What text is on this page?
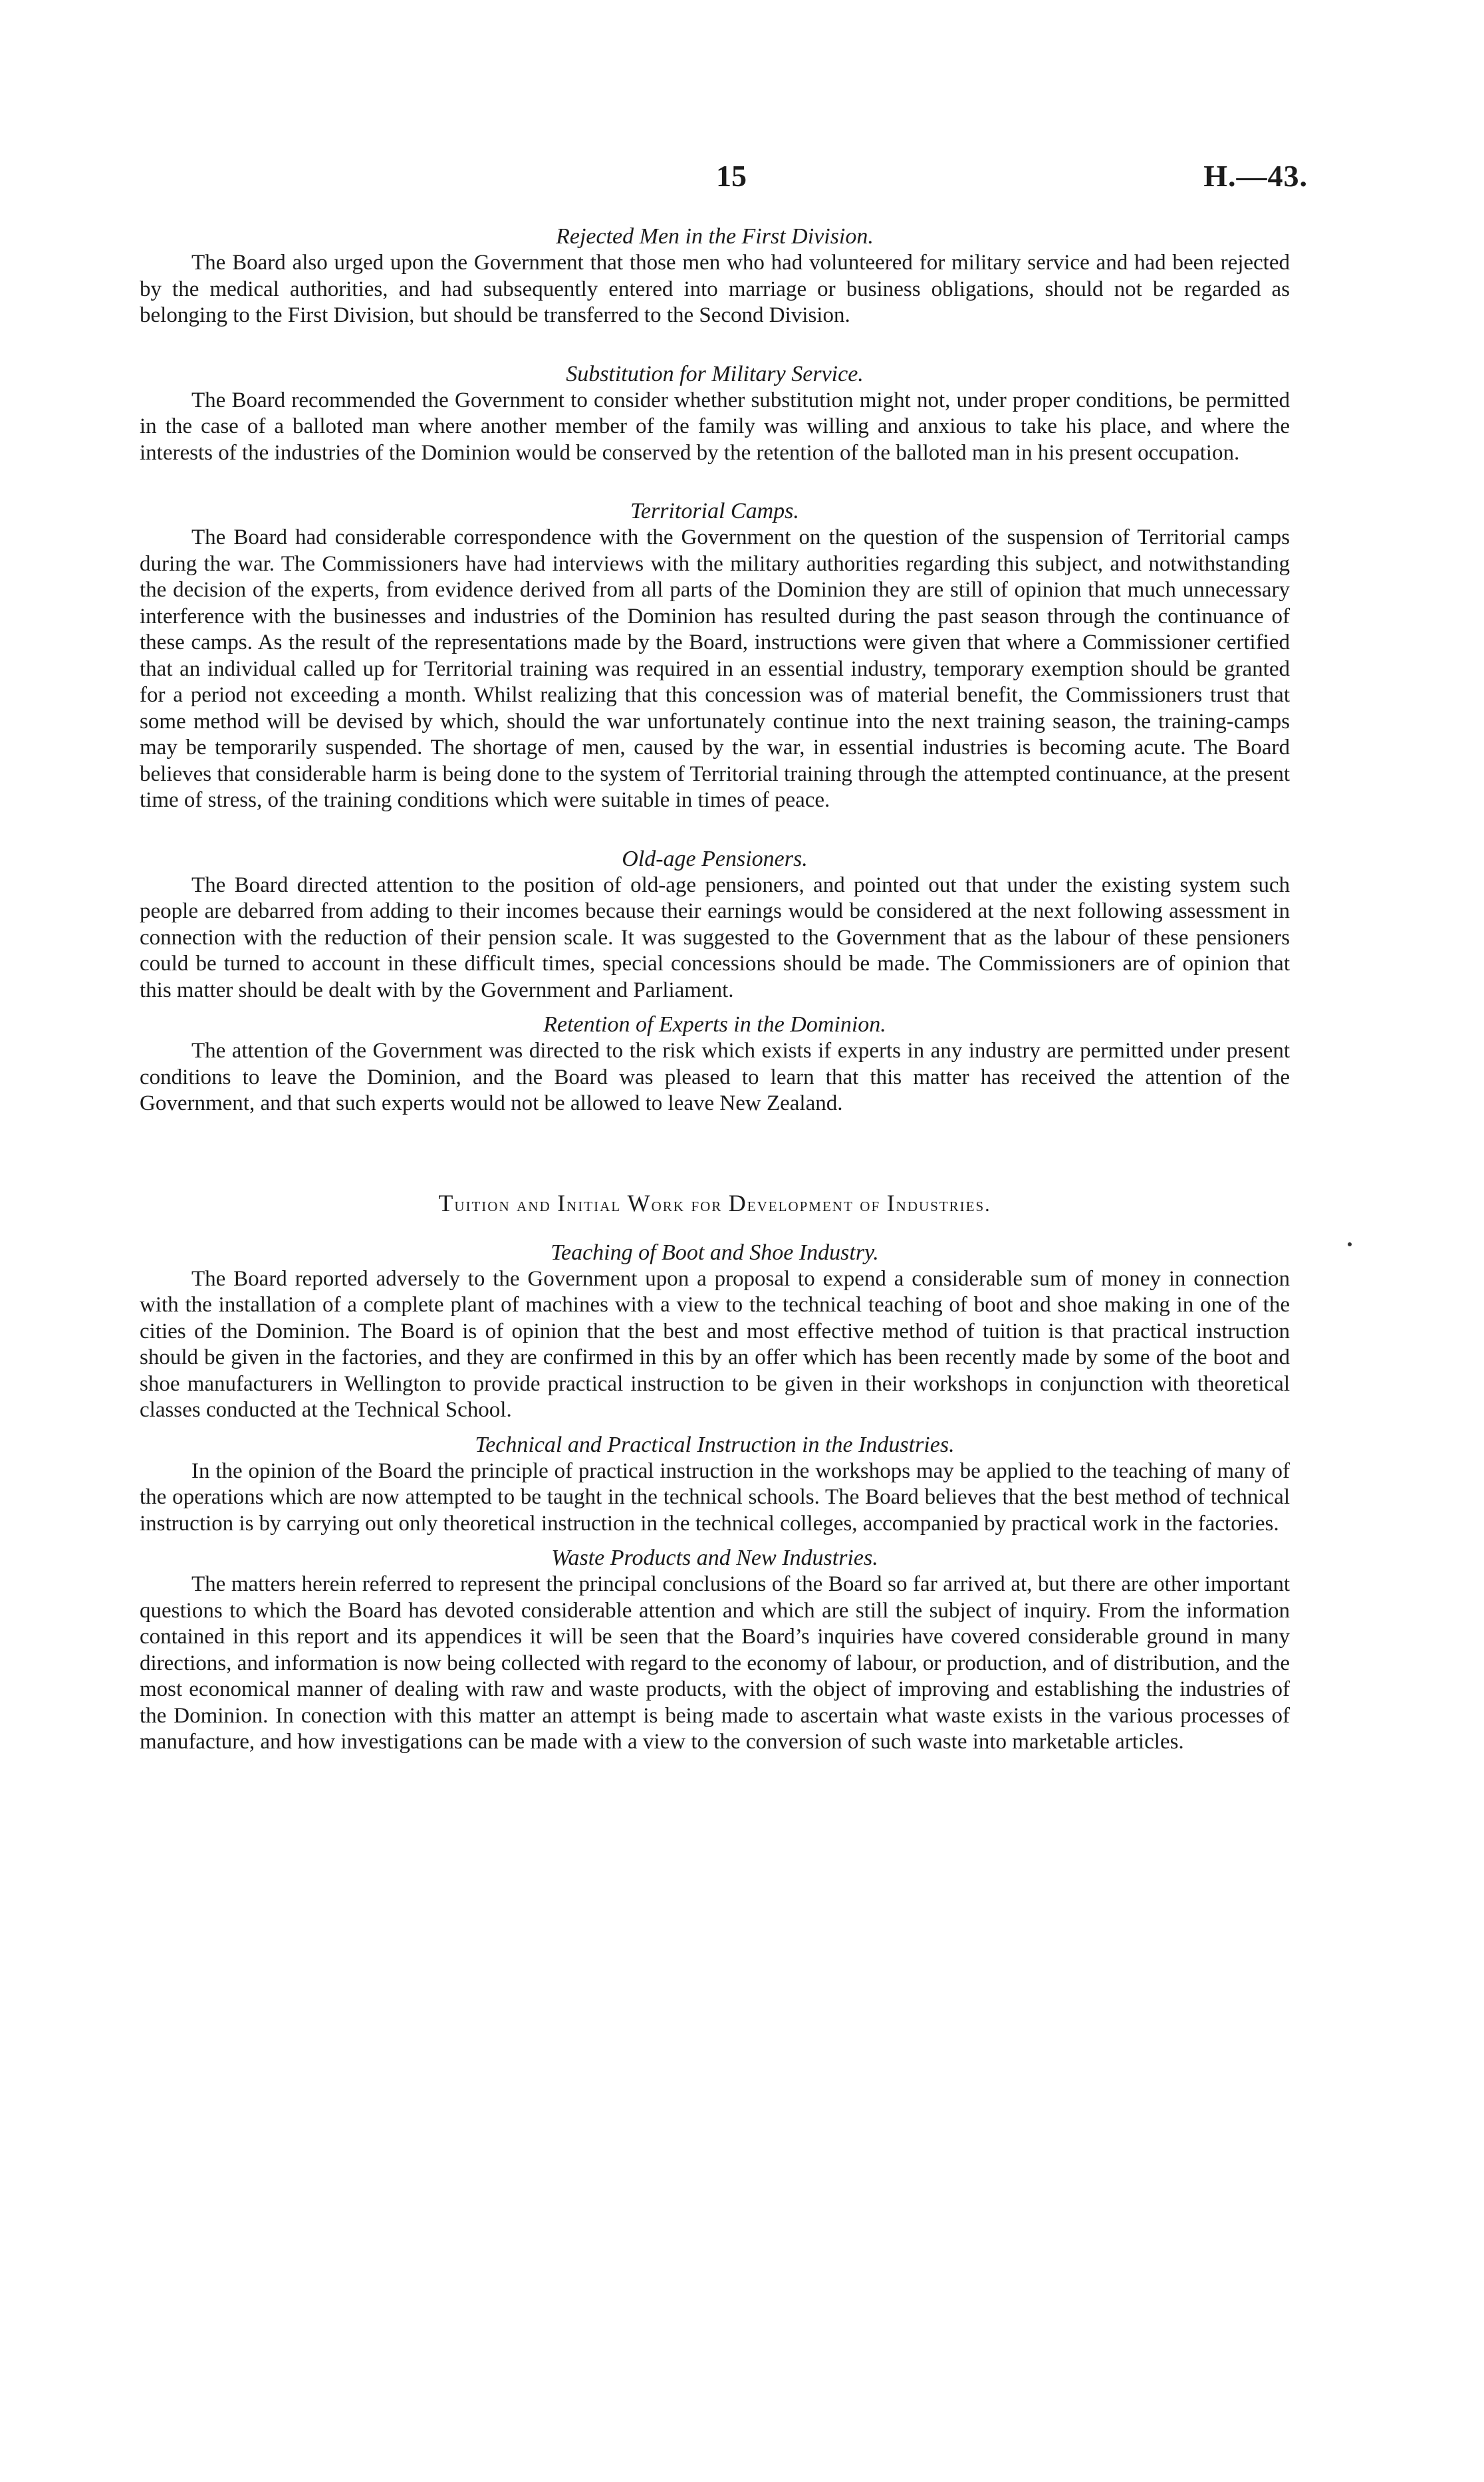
15	H.—43.

Rejected Men in the First Division.

The Board also urged upon the Government that those men who had volunteered for military service and had been rejected by the medical authorities, and had subsequently entered into marriage or business obligations, should not be regarded as belonging to the First Division, but should be transferred to the Second Division.

Substitution for Military Service.

The Board recommended the Government to consider whether substitution might not, under proper conditions, be permitted in the case of a balloted man where another member of the family was willing and anxious to take his place, and where the interests of the industries of the Dominion would be conserved by the retention of the balloted man in his present occupation.

Territorial Camps.

The Board had considerable correspondence with the Government on the question of the suspension of Territorial camps during the war. The Commissioners have had interviews with the military authorities regarding this subject, and notwithstanding the decision of the experts, from evidence derived from all parts of the Dominion they are still of opinion that much unnecessary interference with the businesses and industries of the Dominion has resulted during the past season through the continuance of these camps. As the result of the representations made by the Board, instructions were given that where a Commissioner certified that an individual called up for Territorial training was required in an essential industry, temporary exemption should be granted for a period not exceeding a month. Whilst realizing that this concession was of material benefit, the Commissioners trust that some method will be devised by which, should the war unfortunately continue into the next training season, the training-camps may be temporarily suspended. The shortage of men, caused by the war, in essential industries is becoming acute. The Board believes that considerable harm is being done to the system of Territorial training through the attempted continuance, at the present time of stress, of the training conditions which were suitable in times of peace.

Old-age Pensioners.

The Board directed attention to the position of old-age pensioners, and pointed out that under the existing system such people are debarred from adding to their incomes because their earnings would be considered at the next following assessment in connection with the reduction of their pension scale. It was suggested to the Government that as the labour of these pensioners could be turned to account in these difficult times, special concessions should be made. The Commissioners are of opinion that this matter should be dealt with by the Government and Parliament.

Retention of Experts in the Dominion.

The attention of the Government was directed to the risk which exists if experts in any industry are permitted under present conditions to leave the Dominion, and the Board was pleased to learn that this matter has received the attention of the Government, and that such experts would not be allowed to leave New Zealand.

Tuition and Initial Work for Development of Industries.

Teaching of Boot and Shoe Industry.

The Board reported adversely to the Government upon a proposal to expend a considerable sum of money in connection with the installation of a complete plant of machines with a view to the technical teaching of boot and shoe making in one of the cities of the Dominion. The Board is of opinion that the best and most effective method of tuition is that practical instruction should be given in the factories, and they are confirmed in this by an offer which has been recently made by some of the boot and shoe manufacturers in Wellington to provide practical instruction to be given in their workshops in conjunction with theoretical classes conducted at the Technical School.

Technical and Practical Instruction in the Industries.

In the opinion of the Board the principle of practical instruction in the workshops may be applied to the teaching of many of the operations which are now attempted to be taught in the technical schools. The Board believes that the best method of technical instruction is by carrying out only theoretical instruction in the technical colleges, accompanied by practical work in the factories.

Waste Products and New Industries.

The matters herein referred to represent the principal conclusions of the Board so far arrived at, but there are other important questions to which the Board has devoted considerable attention and which are still the subject of inquiry. From the information contained in this report and its appendices it will be seen that the Board’s inquiries have covered considerable ground in many directions, and information is now being collected with regard to the economy of labour, or production, and of distribution, and the most economical manner of dealing with raw and waste products, with the object of improving and establishing the industries of the Dominion. In conection with this matter an attempt is being made to ascertain what waste exists in the various processes of manufacture, and how investigations can be made with a view to the conversion of such waste into marketable articles.
